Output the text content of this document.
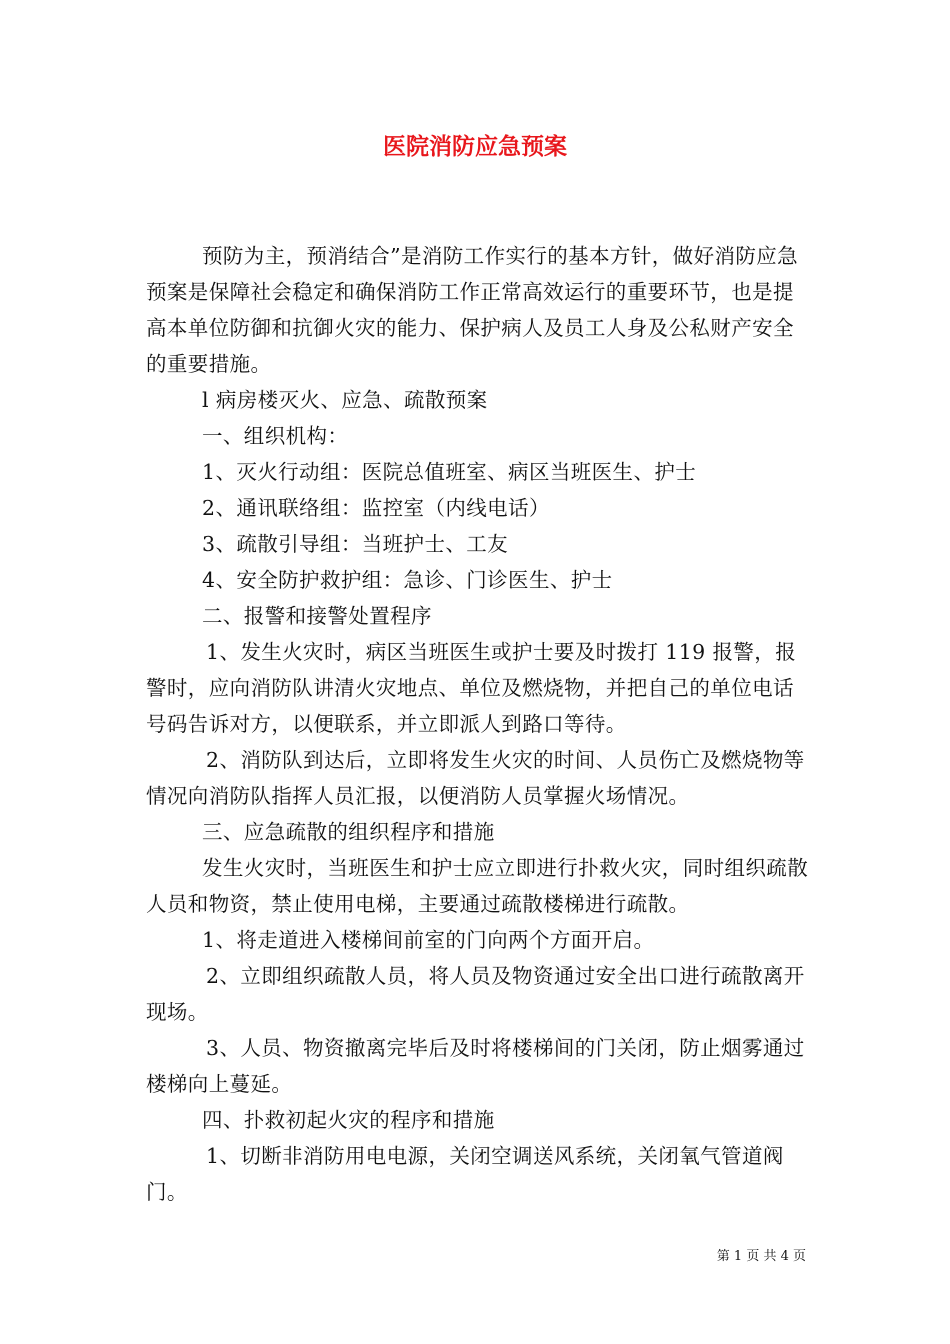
医院消防应急预案

预防为主，预消结合”是消防工作实行的基本方针，做好消防应急预案是保障社会稳定和确保消防工作正常高效运行的重要环节，也是提高本单位防御和抗御火灾的能力、保护病人及员工人身及公私财产安全的重要措施。

l 病房楼灭火、应急、疏散预案

一、组织机构：

1、灭火行动组：医院总值班室、病区当班医生、护士

2、通讯联络组：监控室（内线电话）

3、疏散引导组：当班护士、工友

4、安全防护救护组：急诊、门诊医生、护士

二、报警和接警处置程序

1、发生火灾时，病区当班医生或护士要及时拨打 119 报警，报警时，应向消防队讲清火灾地点、单位及燃烧物，并把自己的单位电话号码告诉对方，以便联系，并立即派人到路口等待。

2、消防队到达后，立即将发生火灾的时间、人员伤亡及燃烧物等情况向消防队指挥人员汇报，以便消防人员掌握火场情况。

三、应急疏散的组织程序和措施

发生火灾时，当班医生和护士应立即进行扑救火灾，同时组织疏散人员和物资，禁止使用电梯，主要通过疏散楼梯进行疏散。

1、将走道进入楼梯间前室的门向两个方面开启。

2、立即组织疏散人员，将人员及物资通过安全出口进行疏散离开现场。

3、人员、物资撤离完毕后及时将楼梯间的门关闭，防止烟雾通过楼梯向上蔓延。

四、扑救初起火灾的程序和措施

1、切断非消防用电电源，关闭空调送风系统，关闭氧气管道阀门。

第 1 页 共 4 页
